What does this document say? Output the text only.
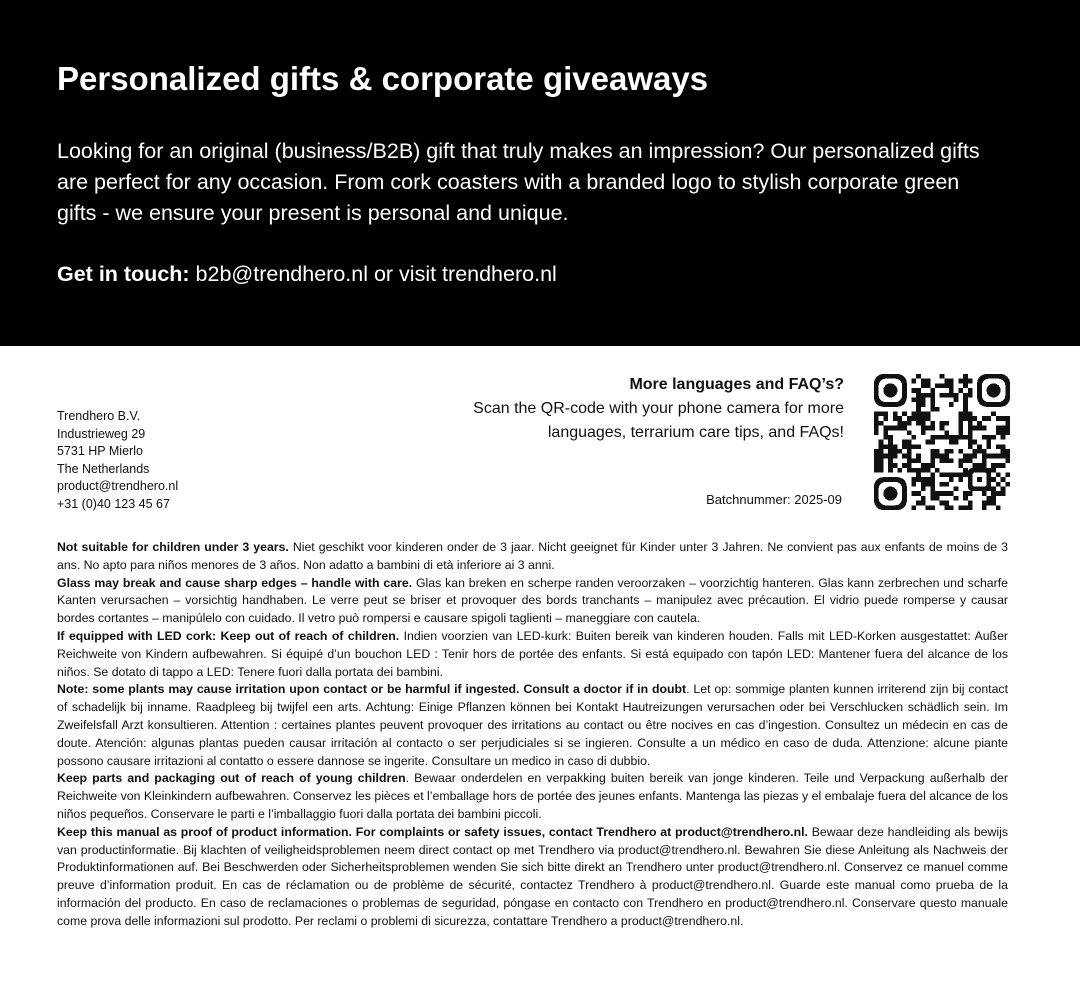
Personalized gifts & corporate giveaways

Looking for an original (business/B2B) gift that truly makes an impression? Our personalized gifts are perfect for any occasion. From cork coasters with a branded logo to stylish corporate green gifts - we ensure your present is personal and unique.

Get in touch: b2b@trendhero.nl or visit trendhero.nl

Trendhero B.V.
Industrieweg 29
5731 HP Mierlo
The Netherlands
product@trendhero.nl
+31 (0)40 123 45 67
More languages and FAQ’s?
Scan the QR-code with your phone camera for more
languages, terrarium care tips, and FAQs!
Batchnummer: 2025-09

Not suitable for children under 3 years. Niet geschikt voor kinderen onder de 3 jaar. Nicht geeignet für Kinder unter 3 Jahren. Ne convient pas aux enfants de moins de 3 ans. No apto para niños menores de 3 años. Non adatto a bambini di età inferiore ai 3 anni.

Glass may break and cause sharp edges – handle with care. Glas kan breken en scherpe randen veroorzaken – voorzichtig hanteren. Glas kann zerbrechen und scharfe Kanten verursachen – vorsichtig handhaben. Le verre peut se briser et provoquer des bords tranchants – manipulez avec précaution. El vidrio puede romperse y causar bordes cortantes – manipúlelo con cuidado. Il vetro può rompersi e causare spigoli taglienti – maneggiare con cautela.

If equipped with LED cork: Keep out of reach of children. Indien voorzien van LED-kurk: Buiten bereik van kinderen houden. Falls mit LED-Korken ausgestattet: Außer Reichweite von Kindern aufbewahren. Si équipé d’un bouchon LED : Tenir hors de portée des enfants. Si está equipado con tapón LED: Mantener fuera del alcance de los niños. Se dotato di tappo a LED: Tenere fuori dalla portata dei bambini.

Note: some plants may cause irritation upon contact or be harmful if ingested. Consult a doctor if in doubt. Let op: sommige planten kunnen irriterend zijn bij contact of schadelijk bij inname. Raadpleeg bij twijfel een arts. Achtung: Einige Pflanzen können bei Kontakt Hautreizungen verursachen oder bei Verschlucken schädlich sein. Im Zweifelsfall Arzt konsultieren. Attention : certaines plantes peuvent provoquer des irritations au contact ou être nocives en cas d’ingestion. Consultez un médecin en cas de doute. Atención: algunas plantas pueden causar irritación al contacto o ser perjudiciales si se ingieren. Consulte a un médico en caso de duda. Attenzione: alcune piante possono causare irritazioni al contatto o essere dannose se ingerite. Consultare un medico in caso di dubbio.

Keep parts and packaging out of reach of young children. Bewaar onderdelen en verpakking buiten bereik van jonge kinderen. Teile und Verpackung außerhalb der Reichweite von Kleinkindern aufbewahren. Conservez les pièces et l’emballage hors de portée des jeunes enfants. Mantenga las piezas y el embalaje fuera del alcance de los niños pequeños. Conservare le parti e l’imballaggio fuori dalla portata dei bambini piccoli.

Keep this manual as proof of product information. For complaints or safety issues, contact Trendhero at product@trendhero.nl. Bewaar deze handleiding als bewijs van productinformatie. Bij klachten of veiligheidsproblemen neem direct contact op met Trendhero via product@trendhero.nl. Bewahren Sie diese Anleitung als Nachweis der Produktinformationen auf. Bei Beschwerden oder Sicherheitsproblemen wenden Sie sich bitte direkt an Trendhero unter product@trendhero.nl. Conservez ce manuel comme preuve d’information produit. En cas de réclamation ou de problème de sécurité, contactez Trendhero à product@trendhero.nl. Guarde este manual como prueba de la información del producto. En caso de reclamaciones o problemas de seguridad, póngase en contacto con Trendhero en product@trendhero.nl. Conservare questo manuale come prova delle informazioni sul prodotto. Per reclami o problemi di sicurezza, contattare Trendhero a product@trendhero.nl.
